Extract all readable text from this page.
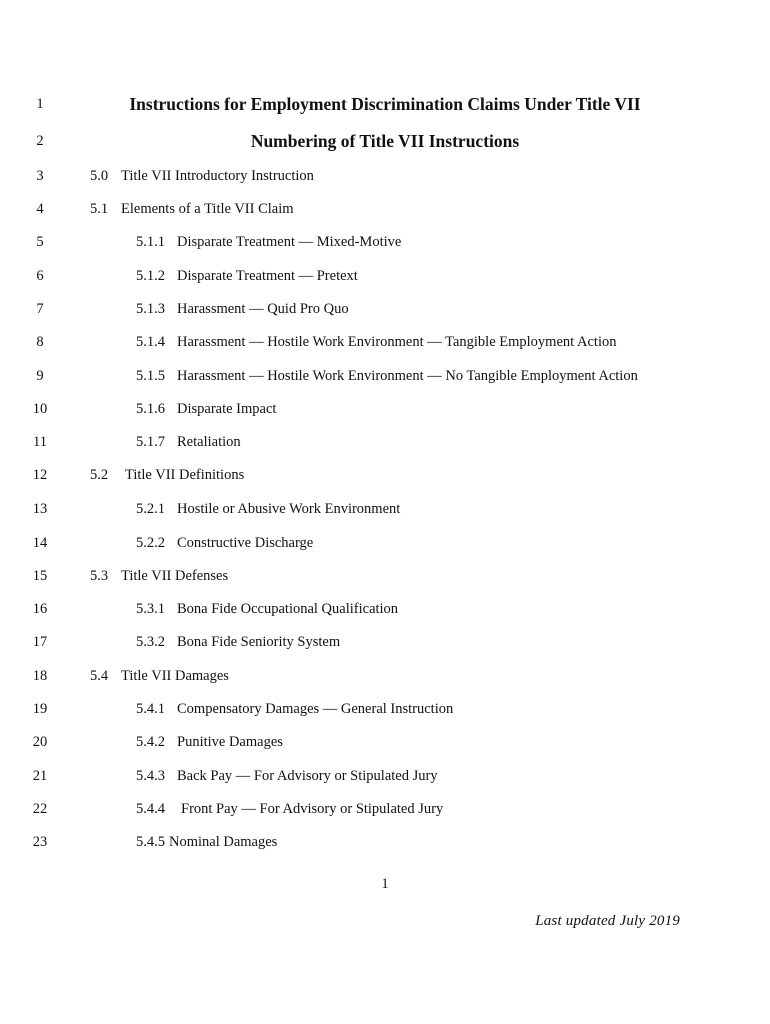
1	Instructions for Employment Discrimination Claims Under Title VII
2	Numbering of Title VII Instructions
3	5.0 Title VII Introductory Instruction
4	5.1 Elements of a Title VII Claim
5	5.1.1 Disparate Treatment — Mixed-Motive
6	5.1.2 Disparate Treatment — Pretext
7	5.1.3 Harassment — Quid Pro Quo
8	5.1.4 Harassment — Hostile Work Environment — Tangible Employment Action
9	5.1.5 Harassment — Hostile Work Environment — No Tangible Employment Action
10	5.1.6 Disparate Impact
11	5.1.7 Retaliation
12	5.2 Title VII Definitions
13	5.2.1 Hostile or Abusive Work Environment
14	5.2.2 Constructive Discharge
15	5.3 Title VII Defenses
16	5.3.1 Bona Fide Occupational Qualification
17	5.3.2 Bona Fide Seniority System
18	5.4 Title VII Damages
19	5.4.1 Compensatory Damages — General Instruction
20	5.4.2 Punitive Damages
21	5.4.3 Back Pay — For Advisory or Stipulated Jury
22	5.4.4 Front Pay — For Advisory or Stipulated Jury
23	5.4.5 Nominal Damages
1
Last updated July 2019
